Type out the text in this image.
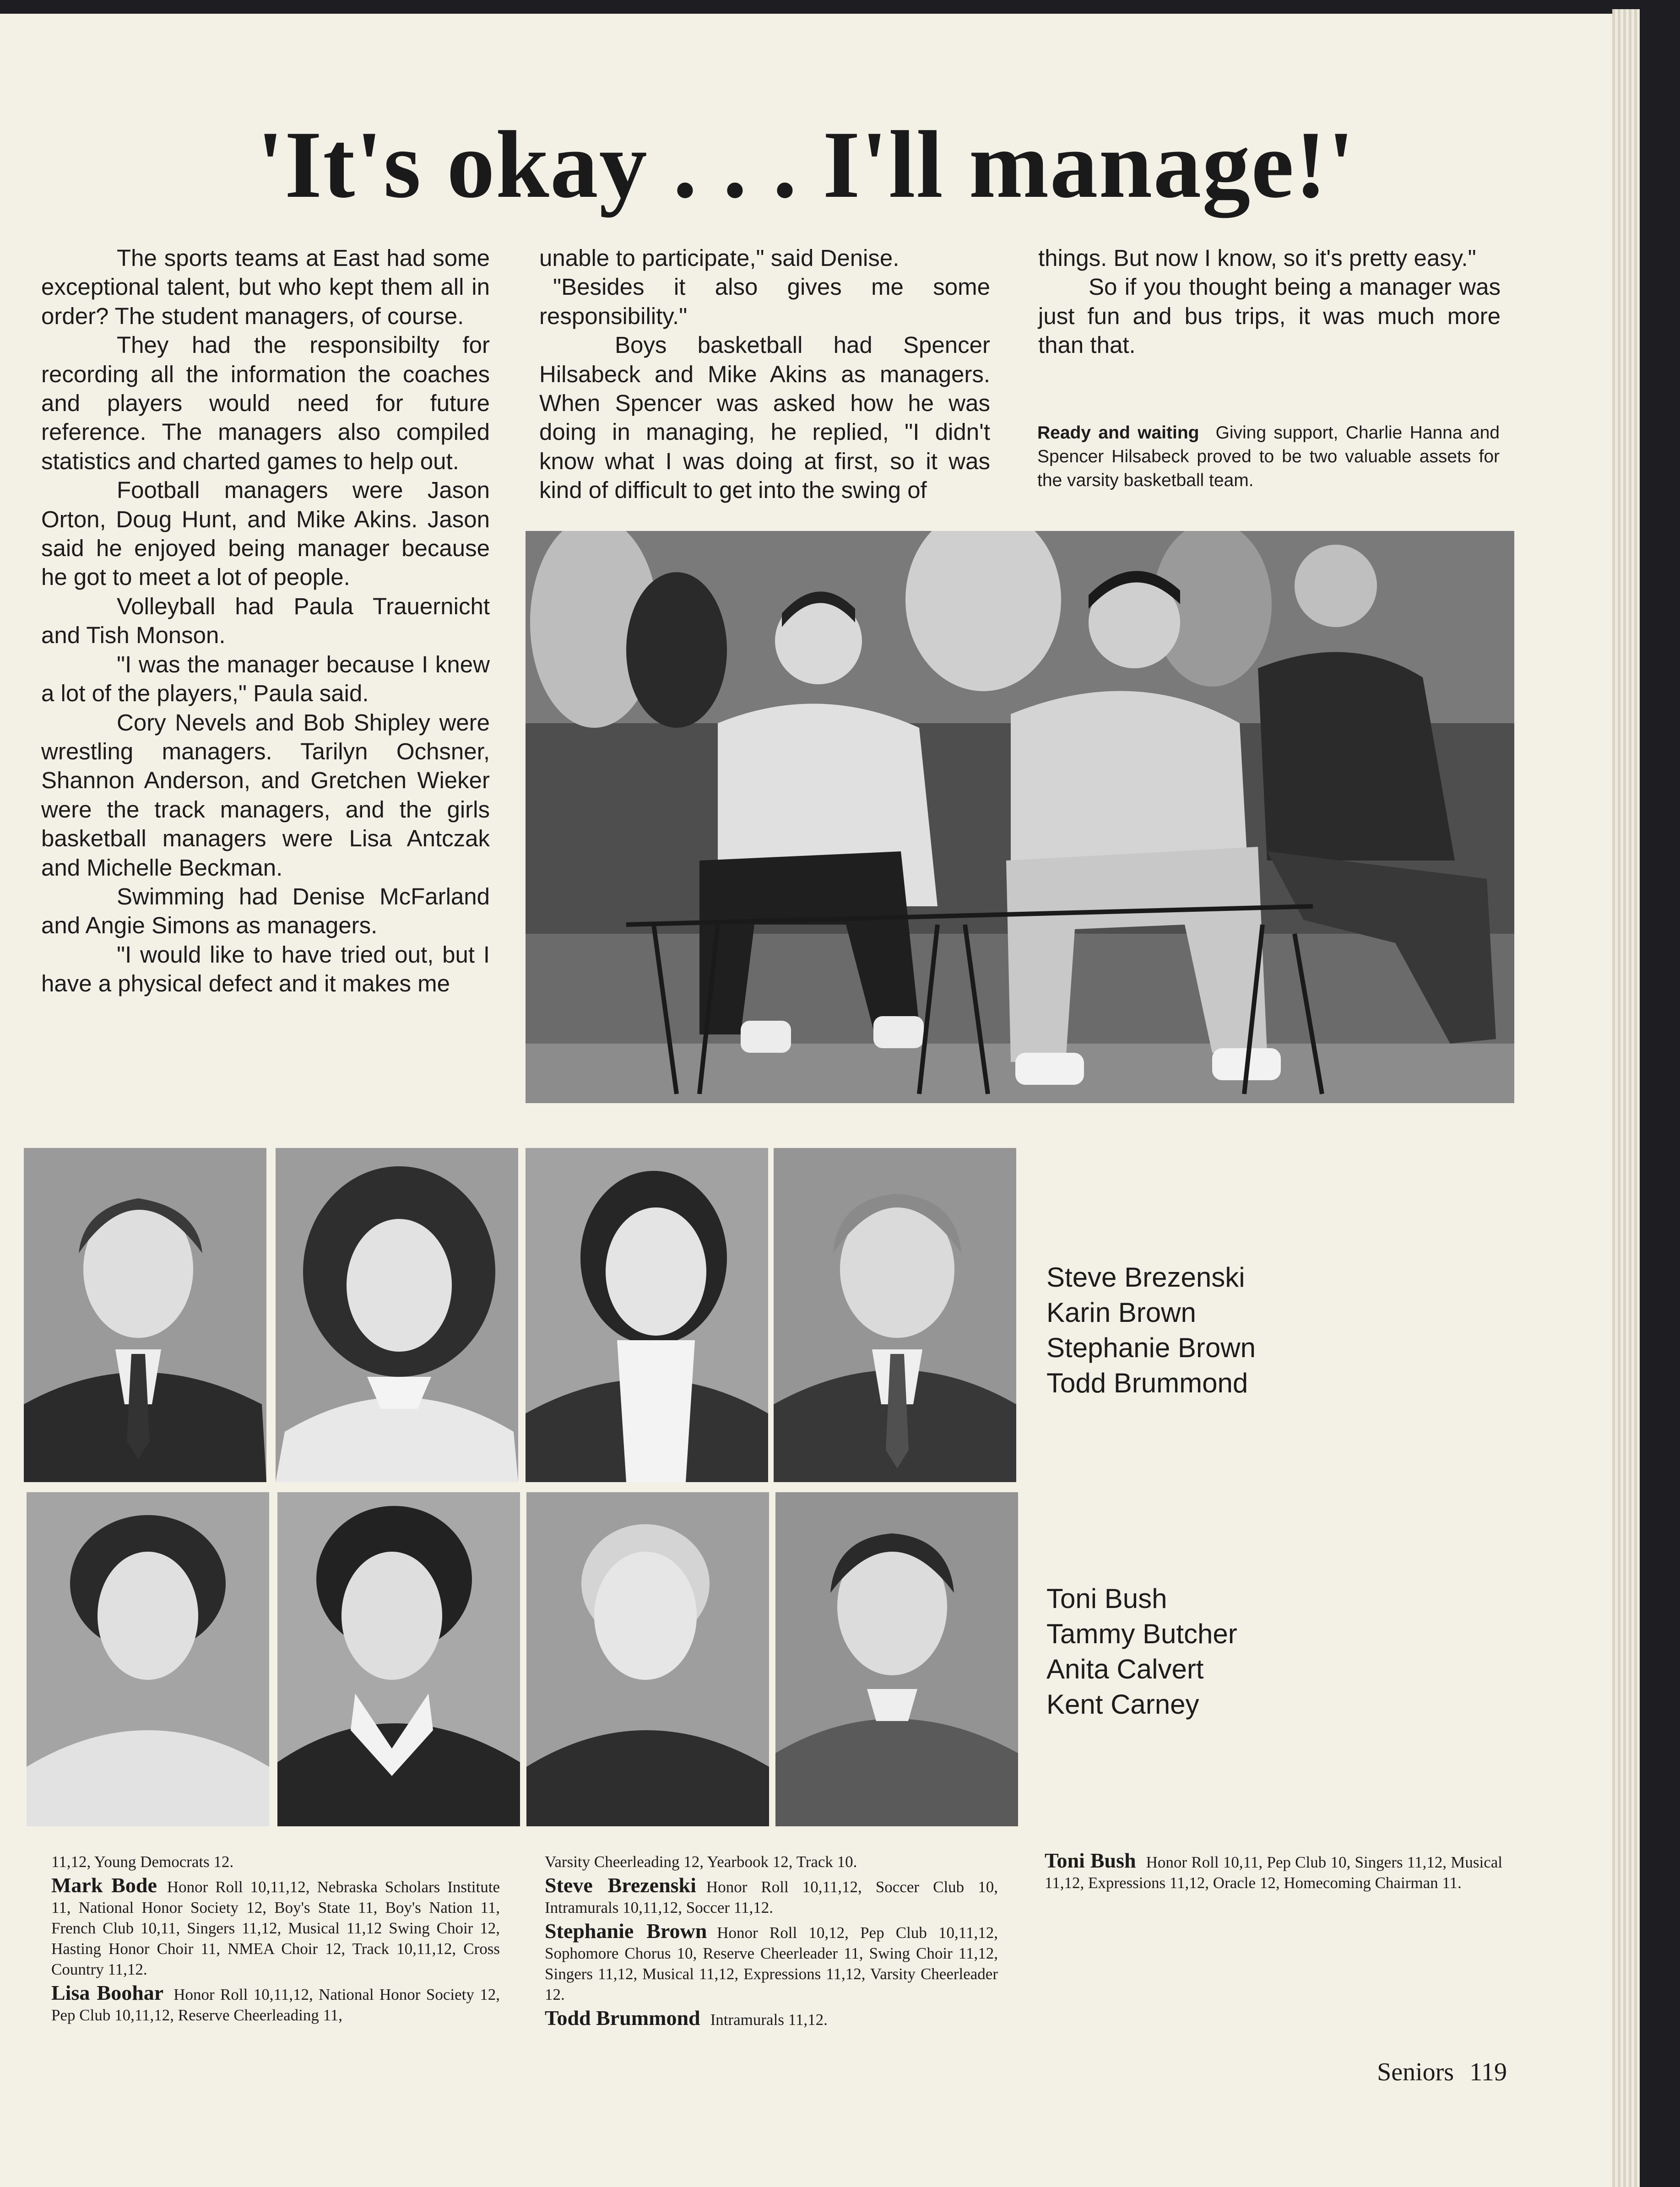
'It's okay . . . I'll manage!'

The sports teams at East had some exceptional talent, but who kept them all in order? The student managers, of course.

They had the responsibilty for recording all the information the coaches and players would need for future reference. The managers also compiled statistics and charted games to help out.

Football managers were Jason Orton, Doug Hunt, and Mike Akins. Jason said he enjoyed being manager because he got to meet a lot of people.

Volleyball had Paula Trauernicht and Tish Monson.

"I was the manager because I knew a lot of the players," Paula said.

Cory Nevels and Bob Shipley were wrestling managers. Tarilyn Ochsner, Shannon Anderson, and Gretchen Wieker were the track managers, and the girls basketball managers were Lisa Antczak and Michelle Beckman.

Swimming had Denise McFarland and Angie Simons as managers.

"I would like to have tried out, but I have a physical defect and it makes me

unable to participate," said Denise.

"Besides it also gives me some responsibility."

Boys basketball had Spencer Hilsabeck and Mike Akins as managers. When Spencer was asked how he was doing in managing, he replied, "I didn't know what I was doing at first, so it was kind of difficult to get into the swing of

things. But now I know, so it's pretty easy."

So if you thought being a manager was just fun and bus trips, it was much more than that.

Ready and waiting Giving support, Charlie Hanna and Spencer Hilsabeck proved to be two valuable assets for the varsity basketball team.
Steve Brezenski
Karin Brown
Stephanie Brown
Todd Brummond
Toni Bush
Tammy Butcher
Anita Calvert
Kent Carney
11,12, Young Democrats 12.
Mark Bode Honor Roll 10,11,12, Nebraska Scholars Institute 11, National Honor Society 12, Boy's State 11, Boy's Nation 11, French Club 10,11, Singers 11,12, Musical 11,12 Swing Choir 12, Hasting Honor Choir 11, NMEA Choir 12, Track 10,11,12, Cross Country 11,12.
Lisa Boohar Honor Roll 10,11,12, National Honor Society 12, Pep Club 10,11,12, Reserve Cheerleading 11,
Varsity Cheerleading 12, Yearbook 12, Track 10.
Steve Brezenski Honor Roll 10,11,12, Soccer Club 10, Intramurals 10,11,12, Soccer 11,12.
Stephanie Brown Honor Roll 10,12, Pep Club 10,11,12, Sophomore Chorus 10, Reserve Cheerleader 11, Swing Choir 11,12, Singers 11,12, Musical 11,12, Expressions 11,12, Varsity Cheerleader 12.
Todd Brummond Intramurals 11,12.
Toni Bush Honor Roll 10,11, Pep Club 10, Singers 11,12, Musical 11,12, Expressions 11,12, Oracle 12, Homecoming Chairman 11.
Seniors 119
